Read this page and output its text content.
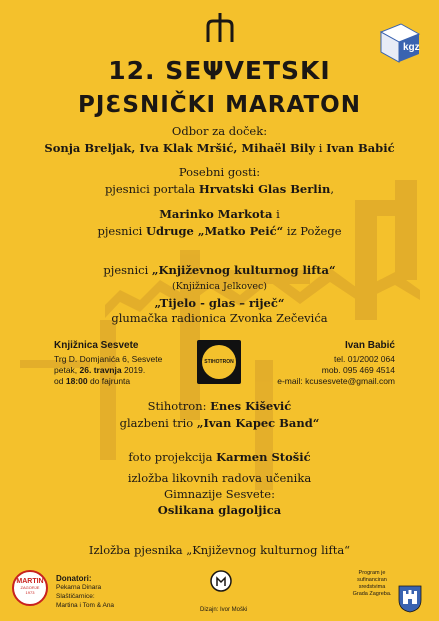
kgz
12. SEΨVETSKI
PJƐSNIČKI MARATON
Odbor za doček:
Sonja Breljak, Iva Klak Mršić, Mihaël Bily i Ivan Babić
Posebni gosti:
pjesnici portala Hrvatski Glas Berlin,
Marinko Markota i
pjesnici Udruge „Matko Peić“ iz Požege
pjesnici „Književnog kulturnog lifta“
(Knjižnica Jelkovec)
„Tijelo - glas – riječ“
glumačka radionica Zvonka Zečevića
Knjižnica Sesvete
Trg D. Domjanića 6, Sesvete
petak, 26. travnja 2019.
od 18:00 do fajrunta
STIHOTRON
Ivan Babić
tel. 01/2002 064
mob. 095 469 4514
e-mail: kcusesvete@gmail.com
Stihotron: Enes Kišević
glazbeni trio „Ivan Kapec Band“
foto projekcija Karmen Stošić
izložba likovnih radova učenika
Gimnazije Sesvete:
Oslikana glagoljica
Izložba pjesnika „Književnog kulturnog lifta“
MARTIN
ZAGORJE
1973
Donatori:
Pekarna Dinara
Slaštičarnice:
Martina i Tom & Ana
Dizajn: Ivor Moški
Program je
sufinanciran
sredstvima
Grada Zagreba.
